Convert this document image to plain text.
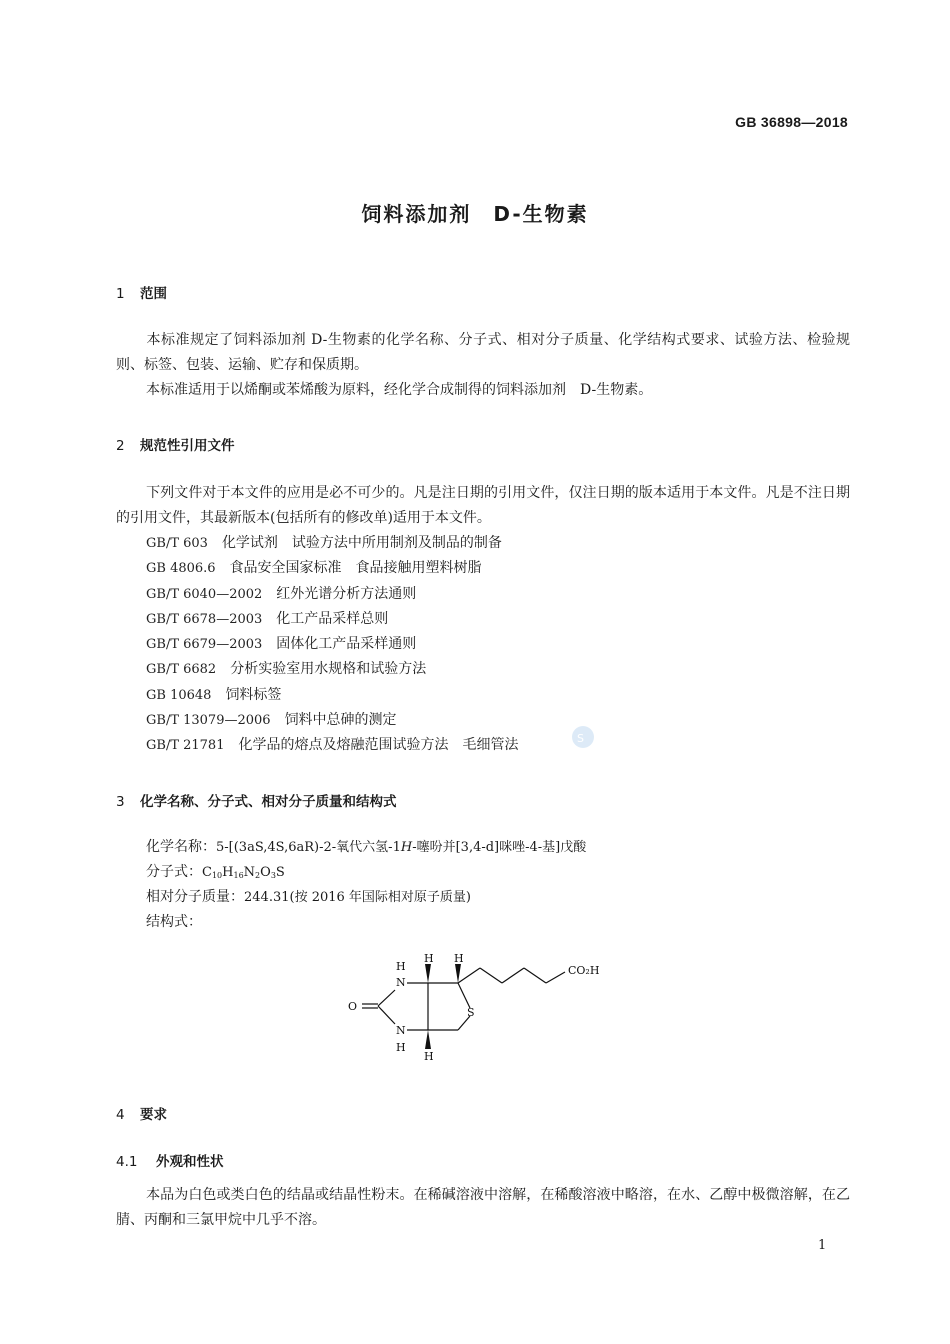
GB 36898—2018
饲料添加剂　D-生物素
1 范围
本标准规定了饲料添加剂 D-生物素的化学名称、分子式、相对分子质量、化学结构式要求、试验方法、检验规则、标签、包装、运输、贮存和保质期。
本标准适用于以烯酮或苯烯酸为原料，经化学合成制得的饲料添加剂　D-生物素。
2 规范性引用文件
下列文件对于本文件的应用是必不可少的。凡是注日期的引用文件，仅注日期的版本适用于本文件。凡是不注日期的引用文件，其最新版本(包括所有的修改单)适用于本文件。
GB/T 603 化学试剂　试验方法中所用制剂及制品的制备
GB 4806.6 食品安全国家标准　食品接触用塑料树脂
GB/T 6040—2002 红外光谱分析方法通则
GB/T 6678—2003 化工产品采样总则
GB/T 6679—2003 固体化工产品采样通则
GB/T 6682 分析实验室用水规格和试验方法
GB 10648 饲料标签
GB/T 13079—2006 饲料中总砷的测定
GB/T 21781 化学品的熔点及熔融范围试验方法　毛细管法	S
3 化学名称、分子式、相对分子质量和结构式
化学名称：5-[(3aS,4S,6aR)-2-氧代六氢-1H-噻吩并[3,4-d]咪唑-4-基]戊酸
分子式：$C_{10}H_{16}N_2O_3S$
相对分子质量：244.31(按 2016 年国际相对原子质量)
结构式：
H
H H
O
N
N
H
H
S
CO₂H
4 要求
4.1 外观和性状
本品为白色或类白色的结晶或结晶性粉末。在稀碱溶液中溶解，在稀酸溶液中略溶，在水、乙醇中极微溶解，在乙腈、丙酮和三氯甲烷中几乎不溶。
1
